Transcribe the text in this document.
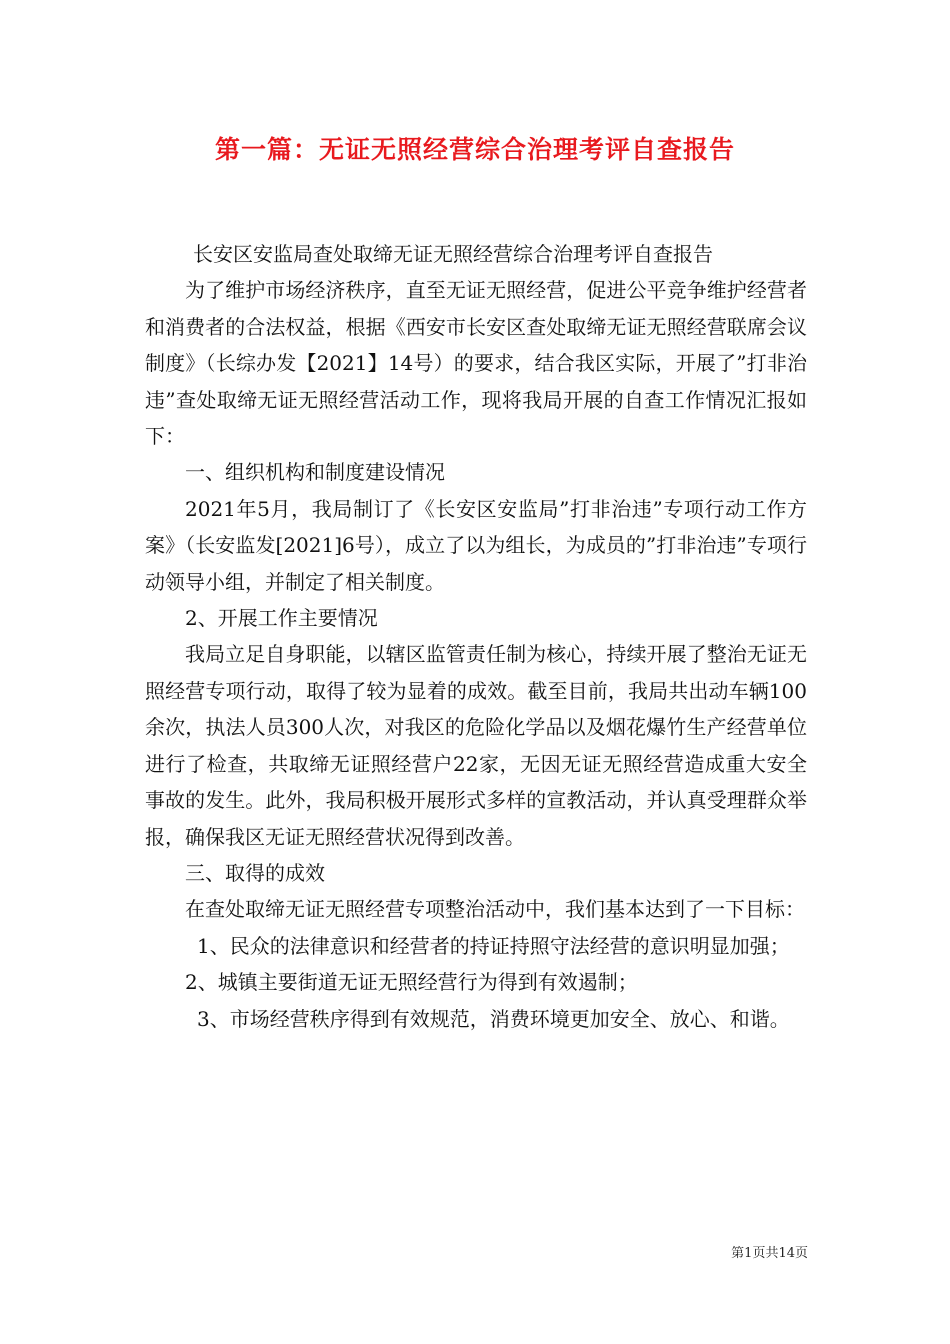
第一篇：无证无照经营综合治理考评自查报告

长安区安监局查处取缔无证无照经营综合治理考评自查报告

为了维护市场经济秩序，直至无证无照经营，促进公平竞争维护经营者和消费者的合法权益，根据《西安市长安区查处取缔无证无照经营联席会议制度》（长综办发【2021】14号）的要求，结合我区实际，开展了”打非治违”查处取缔无证无照经营活动工作，现将我局开展的自查工作情况汇报如下：

一、组织机构和制度建设情况

2021年5月，我局制订了《长安区安监局”打非治违”专项行动工作方案》（长安监发[2021]6号），成立了以为组长，为成员的”打非治违”专项行动领导小组，并制定了相关制度。

2、开展工作主要情况

我局立足自身职能，以辖区监管责任制为核心，持续开展了整治无证无照经营专项行动，取得了较为显着的成效。截至目前，我局共出动车辆100余次，执法人员300人次，对我区的危险化学品以及烟花爆竹生产经营单位进行了检查，共取缔无证照经营户22家，无因无证无照经营造成重大安全事故的发生。此外，我局积极开展形式多样的宣教活动，并认真受理群众举报，确保我区无证无照经营状况得到改善。

三、取得的成效

在查处取缔无证无照经营专项整治活动中，我们基本达到了一下目标：

1、民众的法律意识和经营者的持证持照守法经营的意识明显加强；

2、城镇主要街道无证无照经营行为得到有效遏制；

3、市场经营秩序得到有效规范，消费环境更加安全、放心、和谐。

第1页共14页
